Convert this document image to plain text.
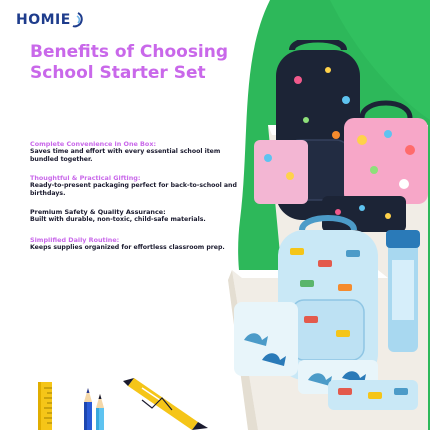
HOMIE
Benefits of Choosing
School Starter Set
Complete Convenience in One Box:
Saves time and effort with every essential school item bundled together.
Thoughtful & Practical Gifting:
Ready-to-present packaging perfect for back-to-school and birthdays.
Premium Safety & Quality Assurance:
Built with durable, non-toxic, child-safe materials.
Simplified Daily Routine:
Keeps supplies organized for effortless classroom prep.
